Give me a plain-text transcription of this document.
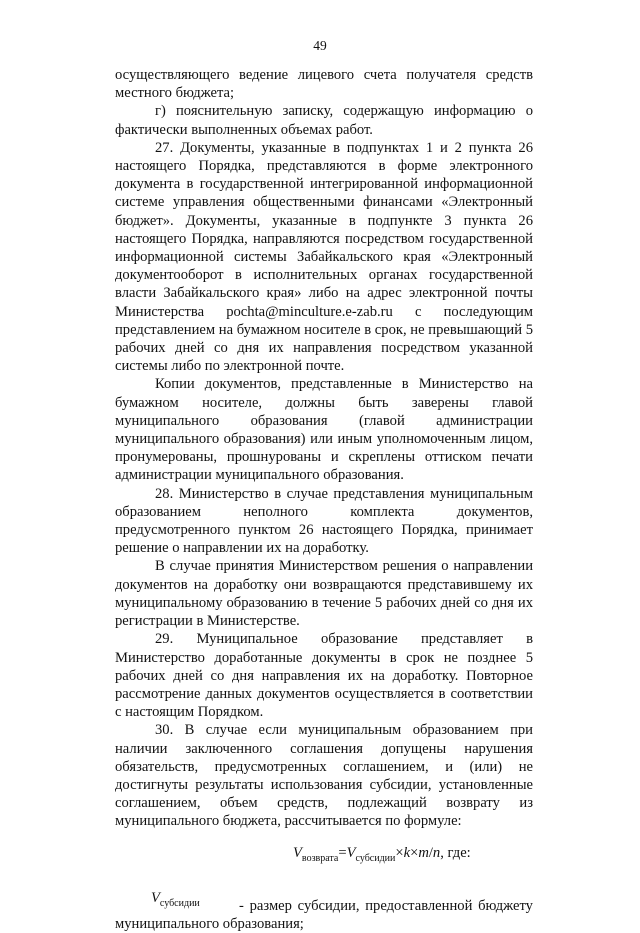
49

осуществляющего ведение лицевого счета получателя средств местного бюджета;

г) пояснительную записку, содержащую информацию о фактически выполненных объемах работ.

27. Документы, указанные в подпунктах 1 и 2 пункта 26 настоящего Порядка, представляются в форме электронного документа в государственной интегрированной информационной системе управления общественными финансами «Электронный бюджет». Документы, указанные в подпункте 3 пункта 26 настоящего Порядка, направляются посредством государственной информационной системы Забайкальского края «Электронный документооборот в исполнительных органах государственной власти Забайкальского края» либо на адрес электронной почты Министерства pochta@minculture.e-zab.ru с последующим представлением на бумажном носителе в срок, не превышающий 5 рабочих дней со дня их направления посредством указанной системы либо по электронной почте.

Копии документов, представленные в Министерство на бумажном носителе, должны быть заверены главой муниципального образования (главой администрации муниципального образования) или иным уполномоченным лицом, пронумерованы, прошнурованы и скреплены оттиском печати администрации муниципального образования.

28. Министерство в случае представления муниципальным образованием неполного комплекта документов, предусмотренного пунктом 26 настоящего Порядка, принимает решение о направлении их на доработку.

В случае принятия Министерством решения о направлении документов на доработку они возвращаются представившему их муниципальному образованию в течение 5 рабочих дней со дня их регистрации в Министерстве.

29. Муниципальное образование представляет в Министерство доработанные документы в срок не позднее 5 рабочих дней со дня направления их на доработку. Повторное рассмотрение данных документов осуществляется в соответствии с настоящим Порядком.

30. В случае если муниципальным образованием при наличии заключенного соглашения допущены нарушения обязательств, предусмотренных соглашением, и (или) не достигнуты результаты использования субсидии, установленные соглашением, объем средств, подлежащий возврату из муниципального бюджета, рассчитывается по формуле:

$V_{возврата}=V_{субсидии}\times k\times m/n$, где:
$V_{субсидии}$	- размер субсидии, предоставленной бюджету
муниципального образования;
